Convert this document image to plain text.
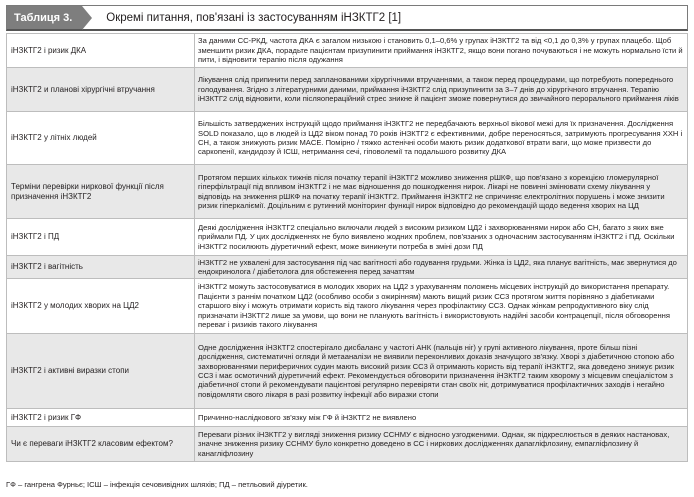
Таблиця 3.	Окремі питання, пов'язані із застосуванням іНЗКТГ2 [1]
іНЗКТГ2 і ризик ДКА	За даними СС-РКД, частота ДКА є загалом низькою і становить 0,1–0,6% у групах іНЗКТГ2 та від <0,1 до 0,3% у групах плацебо. Щоб зменшити ризик ДКА, порадьте пацієнтам призупинити приймання іНЗКТГ2, якщо вони погано почуваються і не можуть нормально їсти й пити, і відновити терапію після одужання
іНЗКТГ2 и планові хірургічні втручання	Лікування слід припинити перед запланованими хірургічними втручаннями, а також перед процедурами, що потребують попереднього голодування. Згідно з літературними даними, приймання іНЗКТГ2 слід призупинити за 3–7 днів до хірургічного втручання. Терапію іНЗКТГ2 слід відновити, коли післяопераційний стрес зникне й пацієнт зможе повернутися до звичайного перорального приймання ліків
іНЗКТГ2 у літніх людей	Більшість затверджених інструкцій щодо приймання іНЗКТГ2 не передбачають верхньої вікової межі для їх призначення. Дослідження SOLD показало, що в людей із ЦД2 віком понад 70 років іНЗКТГ2 є ефективними, добре переносяться, затримують прогресування ХХН і СН, а також знижують ризик MACE. Помірно / тяжко астенічні особи мають ризик додаткової втрати ваги, що може призвести до саркопенії, кандидозу й ІСШ, нетримання сечі, гіповолемії та подальшого розвитку ДКА
Терміни перевірки ниркової функції після призначення іНЗКТГ2	Протягом перших кількох тижнів після початку терапії іНЗКТГ2 можливо зниження рШКФ, що пов'язано з корекцією гломерулярної гіперфільтрації під впливом іНЗКТГ2 і не має відношення до пошкодження нирок. Лікарі не повинні змінювати схему лікування у відповідь на зниження рШКФ на початку терапії іНЗКТГ2. Приймання іНЗКТГ2 не спричиняє електролітних порушень і може знизити ризик гіперкаліємії. Доцільним є рутинний моніторинг функції нирок відповідно до рекомендацій щодо ведення хворих на ЦД
іНЗКТГ2 і ПД	Деякі дослідження іНЗКТГ2 спеціально включали людей з високим ризиком ЦД2 і захворюваннями нирок або СН, багато з яких вже приймали ПД. У цих дослідженнях не було виявлено жодних проблем, пов'язаних з одночасним застосуванням іНЗКТГ2 і ПД. Оскільки іНЗКТГ2 посилюють діуретичний ефект, може виникнути потреба в зміні дози ПД
іНЗКТГ2 і вагітність	іНЗКТГ2 не ухвалені для застосування під час вагітності або годування грудьми. Жінка із ЦД2, яка планує вагітність, має звернутися до ендокринолога / діабетолога для обстеження перед зачаттям
іНЗКТГ2 у молодих хворих на ЦД2	іНЗКТГ2 можуть застосовуватися в молодих хворих на ЦД2 з урахуванням положень місцевих інструкцій до використання препарату. Пацієнти з раннім початком ЦД2 (особливо особи з ожирінням) мають вищий ризик СС3 протягом життя порівняно з діабетиками старшого віку і можуть отримати користь від такого лікування через профілактику СС3. Однак жінкам репродуктивного віку слід призначати іНЗКТГ2 лише за умови, що вони не планують вагітність і використовують надійні засоби контрацепції, після обговорення переваг і ризиків такого лікування
іНЗКТГ2 і активні виразки стопи	Одне дослідження іНЗКТГ2 спостерігало дисбаланс у частоті АНК (пальців ніг) у групі активного лікування, проте більш пізні дослідження, систематичні огляди й метааналізи не виявили переконливих доказів значущого зв'язку. Хворі з діабетичною стопою або захворюваннями периферичних судин мають високий ризик СС3 й отримають користь від терапії іНЗКТГ2, яка доведено знижує ризик СС3 і має осмотичний діуретичний ефект. Рекомендується обговорити призначення іНЗКТГ2 таким хворому з місцевим спеціалістом з діабетичної стопи й рекомендувати пацієнтові регулярно перевіряти стан своїх ніг, дотримуватися профілактичних заходів і негайно повідомляти свого лікаря в разі розвитку інфекції або виразки стопи
іНЗКТГ2 і ризик ГФ	Причинно-наслідкового зв'язку між ГФ й іНЗКТГ2 не виявлено
Чи є переваги іНЗКТГ2 класовим ефектом?	Переваги різних іНЗКТГ2 у вигляді зниження ризику ССНМУ є відносно узгодженими. Однак, як підкреслюється в деяких настановах, значне зниження ризику ССНМУ було конкретно доведено в СС і ниркових дослідженнях дапагліфлозину, емпагліфлозину й канагліфлозину
ГФ – гангрена Фурньє; ІСШ – інфекція сечовивідних шляхів; ПД – петльовий діуретик.
